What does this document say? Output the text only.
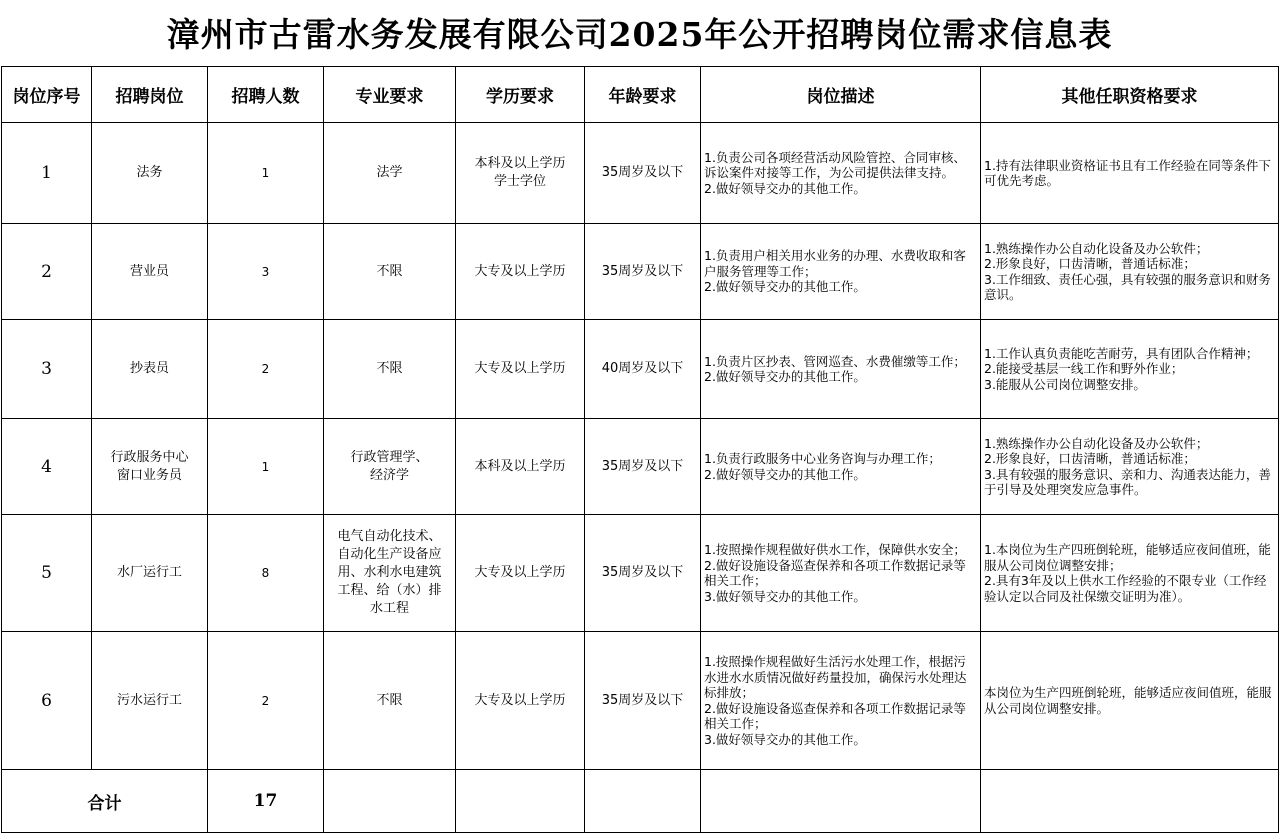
漳州市古雷水务发展有限公司2025年公开招聘岗位需求信息表
岗位序号	招聘岗位	招聘人数	专业要求	学历要求	年龄要求	岗位描述	其他任职资格要求
1	法务	1	法学	本科及以上学历
学士学位	35周岁及以下	1.负责公司各项经营活动风险管控、合同审核、诉讼案件对接等工作，为公司提供法律支持。
2.做好领导交办的其他工作。	1.持有法律职业资格证书且有工作经验在同等条件下可优先考虑。

2	营业员	3	不限	大专及以上学历	35周岁及以下	1.负责用户相关用水业务的办理、水费收取和客户服务管理等工作；
2.做好领导交办的其他工作。	1.熟练操作办公自动化设备及办公软件；
2.形象良好，口齿清晰，普通话标准；
3.工作细致、责任心强，具有较强的服务意识和财务意识。

3	抄表员	2	不限	大专及以上学历	40周岁及以下	1.负责片区抄表、管网巡查、水费催缴等工作；
2.做好领导交办的其他工作。	1.工作认真负责能吃苦耐劳，具有团队合作精神；
2.能接受基层一线工作和野外作业；
3.能服从公司岗位调整安排。

4	行政服务中心
窗口业务员	1	行政管理学、
经济学	本科及以上学历	35周岁及以下	1.负责行政服务中心业务咨询与办理工作；
2.做好领导交办的其他工作。	1.熟练操作办公自动化设备及办公软件；
2.形象良好，口齿清晰，普通话标准；
3.具有较强的服务意识、亲和力、沟通表达能力，善于引导及处理突发应急事件。

5	水厂运行工	8	电气自动化技术、
自动化生产设备应
用、水利水电建筑
工程、给（水）排
水工程	大专及以上学历	35周岁及以下	1.按照操作规程做好供水工作，保障供水安全；
2.做好设施设备巡查保养和各项工作数据记录等相关工作；
3.做好领导交办的其他工作。	1.本岗位为生产四班倒轮班，能够适应夜间值班，能服从公司岗位调整安排；
2.具有3年及以上供水工作经验的不限专业（工作经验认定以合同及社保缴交证明为准）。

6	污水运行工	2	不限	大专及以上学历	35周岁及以下	1.按照操作规程做好生活污水处理工作，根据污水进水水质情况做好药量投加，确保污水处理达标排放；
2.做好设施设备巡查保养和各项工作数据记录等相关工作；
3.做好领导交办的其他工作。	本岗位为生产四班倒轮班，能够适应夜间值班，能服从公司岗位调整安排。

合计		17					
